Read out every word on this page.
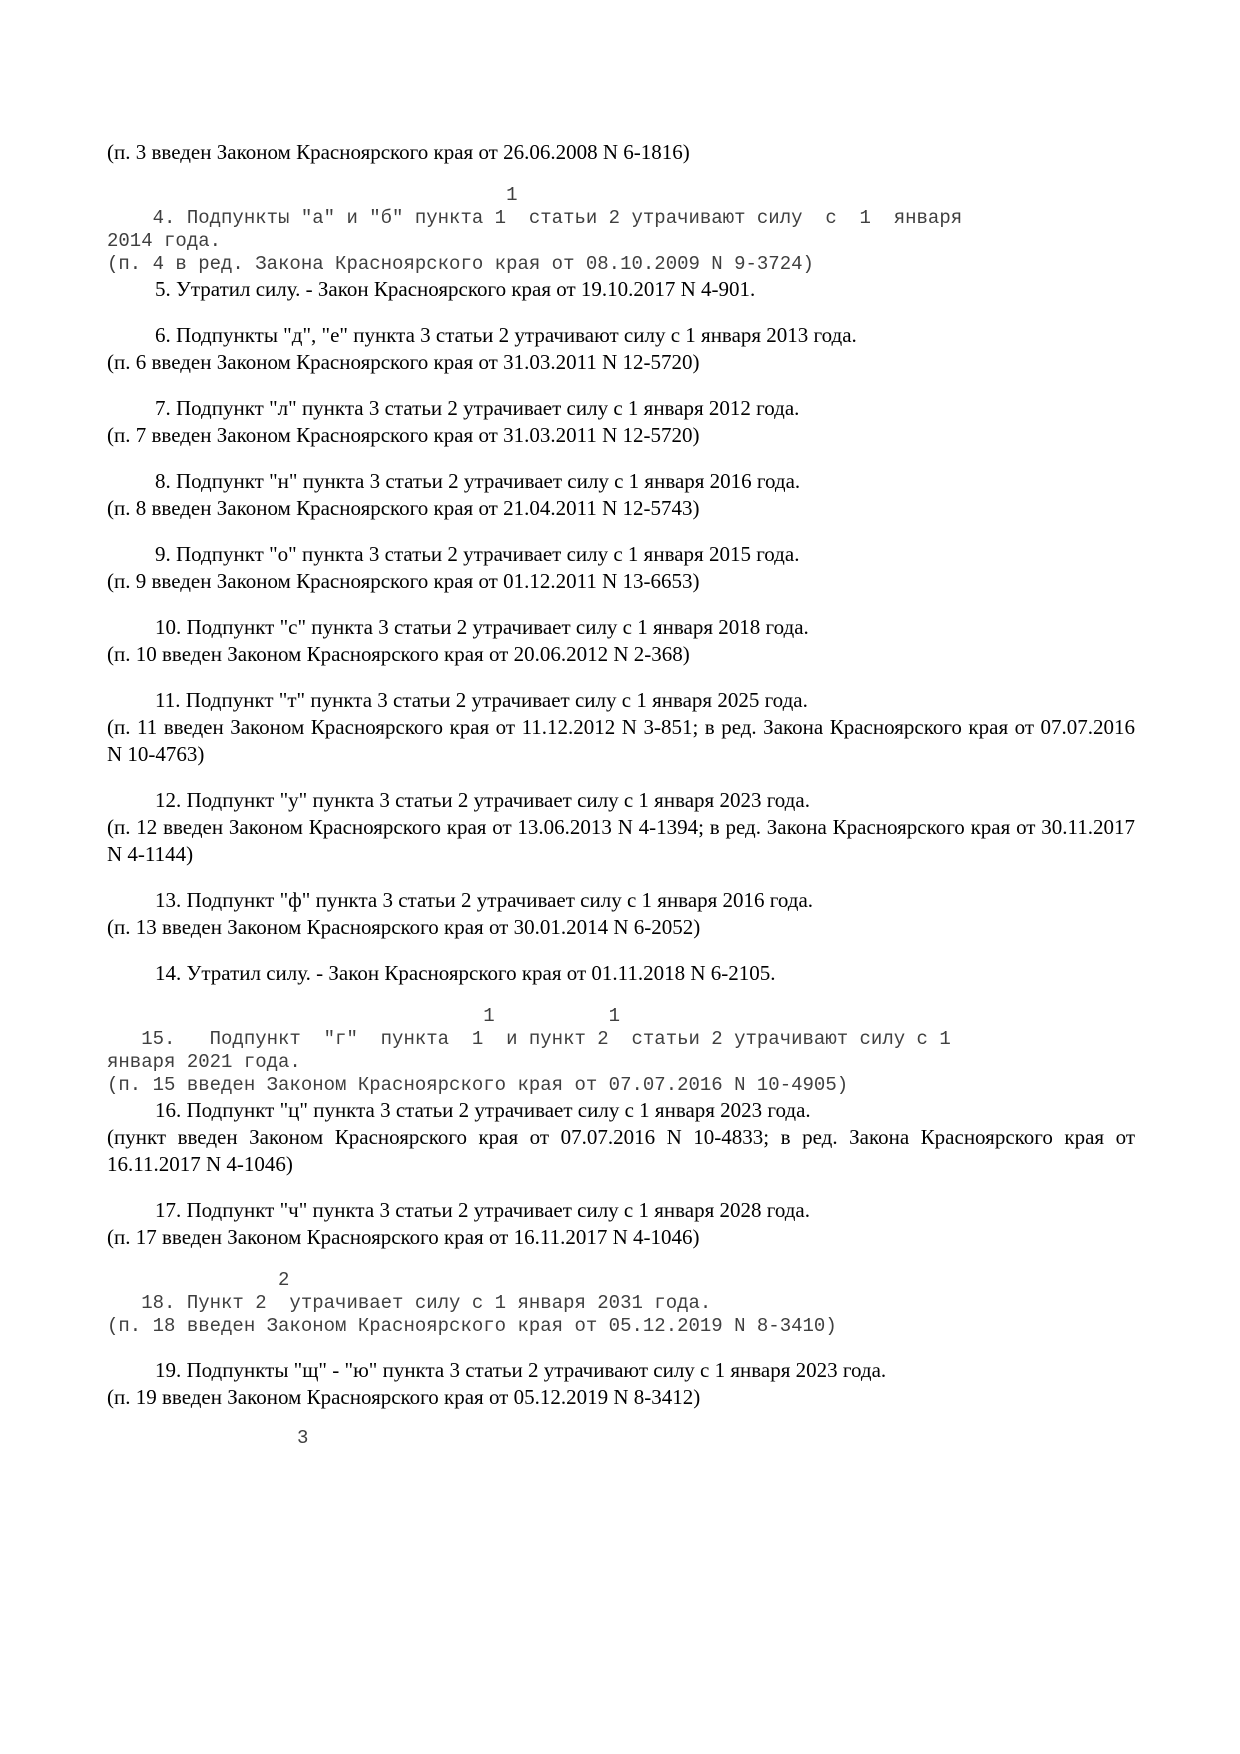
(п. 3 введен Законом Красноярского края от 26.06.2008 N 6-1816)

1
4. Подпункты "а" и "б" пункта 1  статьи 2 утрачивают силу  с  1  января
2014 года.
(п. 4 в ред. Закона Красноярского края от 08.10.2009 N 9-3724)

5. Утратил силу. - Закон Красноярского края от 19.10.2017 N 4-901.

6. Подпункты "д", "е" пункта 3 статьи 2 утрачивают силу с 1 января 2013 года.

(п. 6 введен Законом Красноярского края от 31.03.2011 N 12-5720)

7. Подпункт "л" пункта 3 статьи 2 утрачивает силу с 1 января 2012 года.

(п. 7 введен Законом Красноярского края от 31.03.2011 N 12-5720)

8. Подпункт "н" пункта 3 статьи 2 утрачивает силу с 1 января 2016 года.

(п. 8 введен Законом Красноярского края от 21.04.2011 N 12-5743)

9. Подпункт "о" пункта 3 статьи 2 утрачивает силу с 1 января 2015 года.

(п. 9 введен Законом Красноярского края от 01.12.2011 N 13-6653)

10. Подпункт "с" пункта 3 статьи 2 утрачивает силу с 1 января 2018 года.

(п. 10 введен Законом Красноярского края от 20.06.2012 N 2-368)

11. Подпункт "т" пункта 3 статьи 2 утрачивает силу с 1 января 2025 года.

(п. 11 введен Законом Красноярского края от 11.12.2012 N 3-851; в ред. Закона Красноярского края от 07.07.2016 N 10-4763)

12. Подпункт "у" пункта 3 статьи 2 утрачивает силу с 1 января 2023 года.

(п. 12 введен Законом Красноярского края от 13.06.2013 N 4-1394; в ред. Закона Красноярского края от 30.11.2017 N 4-1144)

13. Подпункт "ф" пункта 3 статьи 2 утрачивает силу с 1 января 2016 года.

(п. 13 введен Законом Красноярского края от 30.01.2014 N 6-2052)

14. Утратил силу. - Закон Красноярского края от 01.11.2018 N 6-2105.

1          1
15.   Подпункт  "г"  пункта  1  и пункт 2  статьи 2 утрачивают силу с 1
января 2021 года.
(п. 15 введен Законом Красноярского края от 07.07.2016 N 10-4905)

16. Подпункт "ц" пункта 3 статьи 2 утрачивает силу с 1 января 2023 года.

(пункт введен Законом Красноярского края от 07.07.2016 N 10-4833; в ред. Закона Красноярского края от 16.11.2017 N 4-1046)

17. Подпункт "ч" пункта 3 статьи 2 утрачивает силу с 1 января 2028 года.

(п. 17 введен Законом Красноярского края от 16.11.2017 N 4-1046)

2
18. Пункт 2  утрачивает силу с 1 января 2031 года.
(п. 18 введен Законом Красноярского края от 05.12.2019 N 8-3410)

19. Подпункты "щ" - "ю" пункта 3 статьи 2 утрачивают силу с 1 января 2023 года.

(п. 19 введен Законом Красноярского края от 05.12.2019 N 8-3412)

3
